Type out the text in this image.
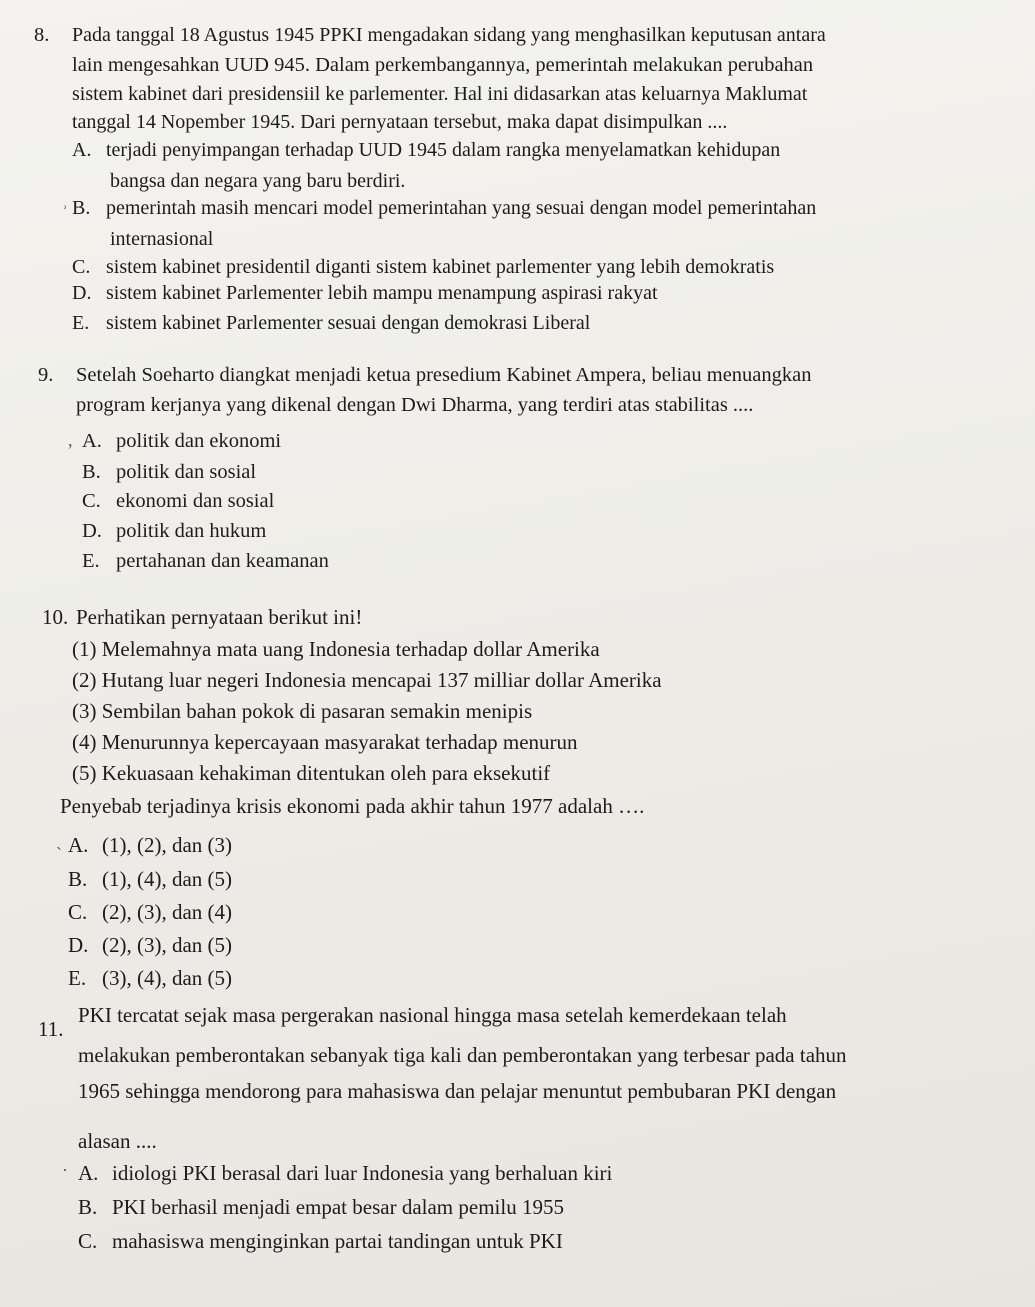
8. Pada tanggal 18 Agustus 1945 PPKI mengadakan sidang yang menghasilkan keputusan antara
lain mengesahkan UUD 945. Dalam perkembangannya, pemerintah melakukan perubahan
sistem kabinet dari presidensiil ke parlementer. Hal ini didasarkan atas keluarnya Maklumat
tanggal 14 Nopember 1945. Dari pernyataan tersebut, maka dapat disimpulkan ....
A. terjadi penyimpangan terhadap UUD 1945 dalam rangka menyelamatkan kehidupan
bangsa dan negara yang baru berdiri.
˒ B. pemerintah masih mencari model pemerintahan yang sesuai dengan model pemerintahan
internasional
C. sistem kabinet presidentil diganti sistem kabinet parlementer yang lebih demokratis
D. sistem kabinet Parlementer lebih mampu menampung aspirasi rakyat
E. sistem kabinet Parlementer sesuai dengan demokrasi Liberal
9. Setelah Soeharto diangkat menjadi ketua presedium Kabinet Ampera, beliau menuangkan
program kerjanya yang dikenal dengan Dwi Dharma, yang terdiri atas stabilitas ....
, A. politik dan ekonomi
B. politik dan sosial
C. ekonomi dan sosial
D. politik dan hukum
E. pertahanan dan keamanan
10. Perhatikan pernyataan berikut ini!
(1) Melemahnya mata uang Indonesia terhadap dollar Amerika
(2) Hutang luar negeri Indonesia mencapai 137 milliar dollar Amerika
(3) Sembilan bahan pokok di pasaran semakin menipis
(4) Menurunnya kepercayaan masyarakat terhadap menurun
(5) Kekuasaan kehakiman ditentukan oleh para eksekutif
Penyebab terjadinya krisis ekonomi pada akhir tahun 1977 adalah ….
ˎ A. (1), (2), dan (3)
B. (1), (4), dan (5)
C. (2), (3), dan (4)
D. (2), (3), dan (5)
E. (3), (4), dan (5)
11.
PKI tercatat sejak masa pergerakan nasional hingga masa setelah kemerdekaan telah
melakukan pemberontakan sebanyak tiga kali dan pemberontakan yang terbesar pada tahun
1965 sehingga mendorong para mahasiswa dan pelajar menuntut pembubaran PKI dengan
alasan ....
· A. idiologi PKI berasal dari luar Indonesia yang berhaluan kiri
B. PKI berhasil menjadi empat besar dalam pemilu 1955
C. mahasiswa menginginkan partai tandingan untuk PKI
